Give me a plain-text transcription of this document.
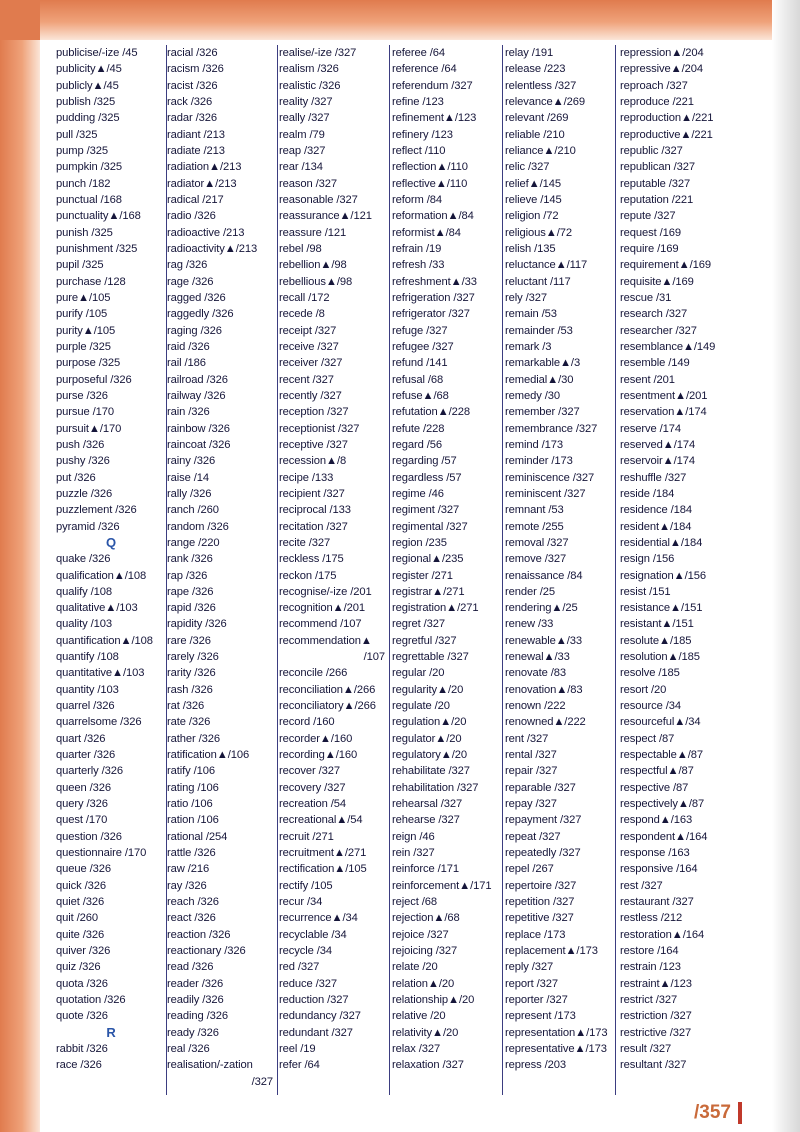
publicise/-ize /45
publicity▲/45
publicly▲/45
publish /325
pudding /325
pull /325
pump /325
pumpkin /325
punch /182
punctual /168
punctuality▲/168
punish /325
punishment /325
pupil /325
purchase /128
pure▲/105
purify /105
purity▲/105
purple /325
purpose /325
purposeful /326
purse /326
pursue /170
pursuit▲/170
push /326
pushy /326
put /326
puzzle /326
puzzlement /326
pyramid /326
Q
quake /326
qualification▲/108
qualify /108
qualitative▲/103
quality /103
quantification▲/108
quantify /108
quantitative▲/103
quantity /103
quarrel /326
quarrelsome /326
quart /326
quarter /326
quarterly /326
queen /326
query /326
quest /170
question /326
questionnaire /170
queue /326
quick /326
quiet /326
quit /260
quite /326
quiver /326
quiz /326
quota /326
quotation /326
quote /326
R
rabbit /326
race /326
racial /326
racism /326
racist /326
rack /326
radar /326
radiant /213
radiate /213
radiation▲/213
radiator▲/213
radical /217
radio /326
radioactive /213
radioactivity▲/213
rag /326
rage /326
ragged /326
raggedly /326
raging /326
raid /326
rail /186
railroad /326
railway /326
rain /326
rainbow /326
raincoat /326
rainy /326
raise /14
rally /326
ranch /260
random /326
range /220
rank /326
rap /326
rape /326
rapid /326
rapidity /326
rare /326
rarely /326
rarity /326
rash /326
rat /326
rate /326
rather /326
ratification▲/106
ratify /106
rating /106
ratio /106
ration /106
rational /254
rattle /326
raw /216
ray /326
reach /326
react /326
reaction /326
reactionary /326
read /326
reader /326
readily /326
reading /326
ready /326
real /326
realisation/-zation
/327
realise/-ize /327
realism /326
realistic /326
reality /327
really /327
realm /79
reap /327
rear /134
reason /327
reasonable /327
reassurance▲/121
reassure /121
rebel /98
rebellion▲/98
rebellious▲/98
recall /172
recede /8
receipt /327
receive /327
receiver /327
recent /327
recently /327
reception /327
receptionist /327
receptive /327
recession▲/8
recipe /133
recipient /327
reciprocal /133
recitation /327
recite /327
reckless /175
reckon /175
recognise/-ize /201
recognition▲/201
recommend /107
recommendation▲
/107
reconcile /266
reconciliation▲/266
reconciliatory▲/266
record /160
recorder▲/160
recording▲/160
recover /327
recovery /327
recreation /54
recreational▲/54
recruit /271
recruitment▲/271
rectification▲/105
rectify /105
recur /34
recurrence▲/34
recyclable /34
recycle /34
red /327
reduce /327
reduction /327
redundancy /327
redundant /327
reel /19
refer /64
referee /64
reference /64
referendum /327
refine /123
refinement▲/123
refinery /123
reflect /110
reflection▲/110
reflective▲/110
reform /84
reformation▲/84
reformist▲/84
refrain /19
refresh /33
refreshment▲/33
refrigeration /327
refrigerator /327
refuge /327
refugee /327
refund /141
refusal /68
refuse▲/68
refutation▲/228
refute /228
regard /56
regarding /57
regardless /57
regime /46
regiment /327
regimental /327
region /235
regional▲/235
register /271
registrar▲/271
registration▲/271
regret /327
regretful /327
regrettable /327
regular /20
regularity▲/20
regulate /20
regulation▲/20
regulator▲/20
regulatory▲/20
rehabilitate /327
rehabilitation /327
rehearsal /327
rehearse /327
reign /46
rein /327
reinforce /171
reinforcement▲/171
reject /68
rejection▲/68
rejoice /327
rejoicing /327
relate /20
relation▲/20
relationship▲/20
relative /20
relativity▲/20
relax /327
relaxation /327
relay /191
release /223
relentless /327
relevance▲/269
relevant /269
reliable /210
reliance▲/210
relic /327
relief▲/145
relieve /145
religion /72
religious▲/72
relish /135
reluctance▲/117
reluctant /117
rely /327
remain /53
remainder /53
remark /3
remarkable▲/3
remedial▲/30
remedy /30
remember /327
remembrance /327
remind /173
reminder /173
reminiscence /327
reminiscent /327
remnant /53
remote /255
removal /327
remove /327
renaissance /84
render /25
rendering▲/25
renew /33
renewable▲/33
renewal▲/33
renovate /83
renovation▲/83
renown /222
renowned▲/222
rent /327
rental /327
repair /327
reparable /327
repay /327
repayment /327
repeat /327
repeatedly /327
repel /267
repertoire /327
repetition /327
repetitive /327
replace /173
replacement▲/173
reply /327
report /327
reporter /327
represent /173
representation▲/173
representative▲/173
repress /203
repression▲/204
repressive▲/204
reproach /327
reproduce /221
reproduction▲/221
reproductive▲/221
republic /327
republican /327
reputable /327
reputation /221
repute /327
request /169
require /169
requirement▲/169
requisite▲/169
rescue /31
research /327
researcher /327
resemblance▲/149
resemble /149
resent /201
resentment▲/201
reservation▲/174
reserve /174
reserved▲/174
reservoir▲/174
reshuffle /327
reside /184
residence /184
resident▲/184
residential▲/184
resign /156
resignation▲/156
resist /151
resistance▲/151
resistant▲/151
resolute▲/185
resolution▲/185
resolve /185
resort /20
resource /34
resourceful▲/34
respect /87
respectable▲/87
respectful▲/87
respective /87
respectively▲/87
respond▲/163
respondent▲/164
response /163
responsive /164
rest /327
restaurant /327
restless /212
restoration▲/164
restore /164
restrain /123
restraint▲/123
restrict /327
restriction /327
restrictive /327
result /327
resultant /327
/357
